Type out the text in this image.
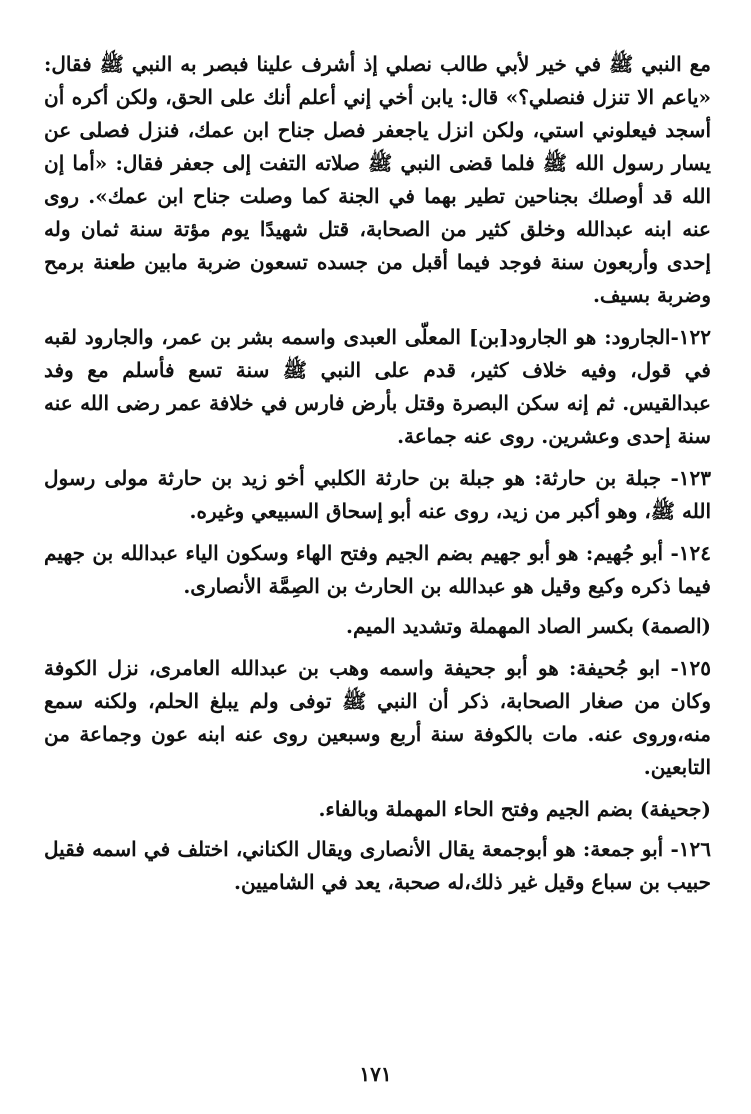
مع النبي ﷺ في خير لأبي طالب نصلي إذ أشرف علينا فبصر به النبي ﷺ فقال: «ياعم الا تنزل فنصلي؟» قال: يابن أخي إني أعلم أنك على الحق، ولكن أكره أن أسجد فيعلوني استي، ولكن انزل ياجعفر فصل جناح ابن عمك، فنزل فصلى عن يسار رسول الله ﷺ فلما قضى النبي ﷺ صلاته التفت إلى جعفر فقال: «أما إن الله قد أوصلك بجناحين تطير بهما في الجنة كما وصلت جناح ابن عمك». روى عنه ابنه عبدالله وخلق كثير من الصحابة، قتل شهيدًا يوم مؤتة سنة ثمان وله إحدى وأربعون سنة فوجد فيما أقبل من جسده تسعون ضربة مابين طعنة برمح وضربة بسيف.

١٢٢-الجارود: هو الجارود[بن] المعلّى العبدى واسمه بشر بن عمر، والجارود لقبه في قول، وفيه خلاف كثير، قدم على النبي ﷺ سنة تسع فأسلم مع وفد عبدالقيس. ثم إنه سكن البصرة وقتل بأرض فارس في خلافة عمر رضى الله عنه سنة إحدى وعشرين. روى عنه جماعة.

١٢٣- جبلة بن حارثة: هو جبلة بن حارثة الكلبي أخو زيد بن حارثة مولى رسول الله ﷺ، وهو أكبر من زيد، روى عنه أبو إسحاق السبيعي وغيره.

١٢٤- أبو جُهيم: هو أبو جهيم بضم الجيم وفتح الهاء وسكون الياء عبدالله بن جهيم فيما ذكره وكيع وقيل هو عبدالله بن الحارث بن الصِمَّة الأنصارى.

(الصمة) بكسر الصاد المهملة وتشديد الميم.

١٢٥- ابو جُحيفة: هو أبو جحيفة واسمه وهب بن عبدالله العامرى، نزل الكوفة وكان من صغار الصحابة، ذكر أن النبي ﷺ توفى ولم يبلغ الحلم، ولكنه سمع منه،وروى عنه. مات بالكوفة سنة أربع وسبعين روى عنه ابنه عون وجماعة من التابعين.

(جحيفة) بضم الجيم وفتح الحاء المهملة وبالفاء.

١٢٦- أبو جمعة: هو أبوجمعة يقال الأنصارى ويقال الكناني، اختلف في اسمه فقيل حبيب بن سباع وقيل غير ذلك،له صحبة، يعد في الشاميين.

١٧١
